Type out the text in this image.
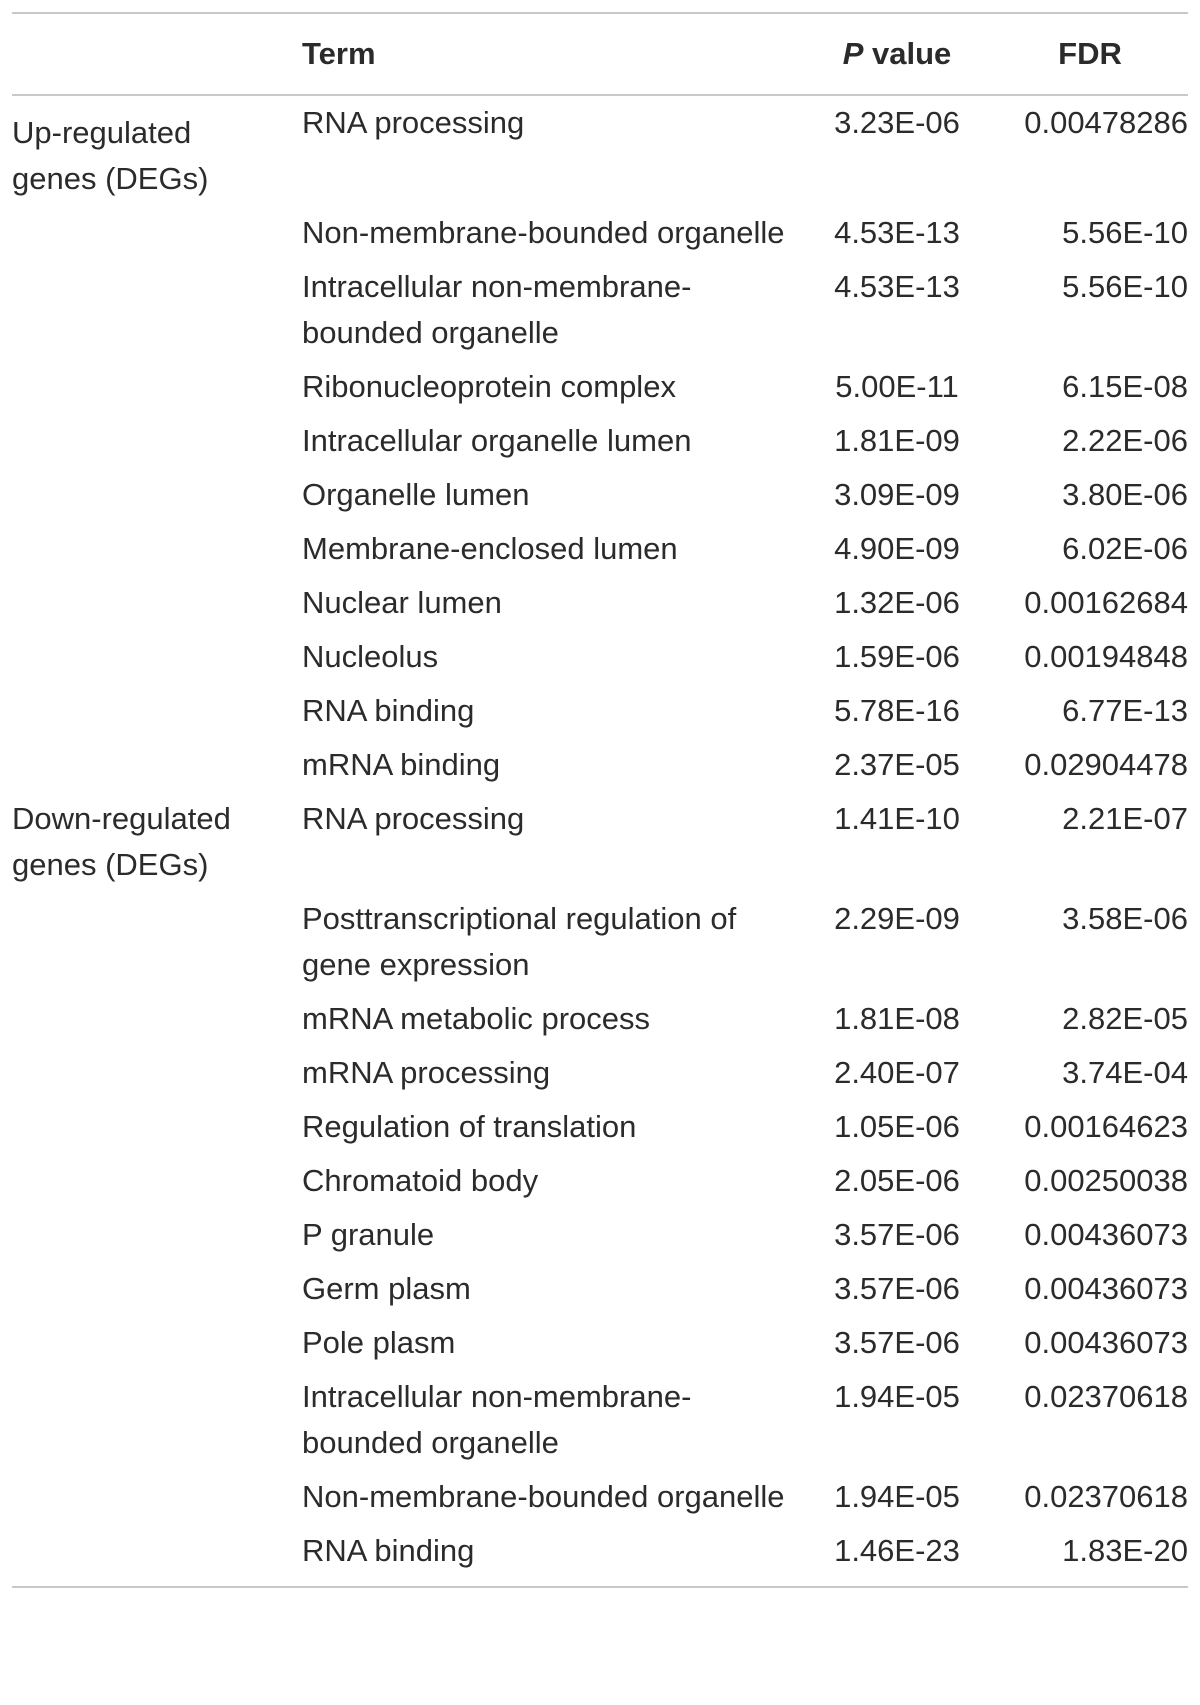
	Term	P value	FDR

Up-regulated genes (DEGs)	RNA processing	3.23E-06	0.00478286
	Non-membrane-bounded organelle	4.53E-13	5.56E-10
	Intracellular non-membrane-bounded organelle	4.53E-13	5.56E-10
	Ribonucleoprotein complex	5.00E-11	6.15E-08
	Intracellular organelle lumen	1.81E-09	2.22E-06
	Organelle lumen	3.09E-09	3.80E-06
	Membrane-enclosed lumen	4.90E-09	6.02E-06
	Nuclear lumen	1.32E-06	0.00162684
	Nucleolus	1.59E-06	0.00194848
	RNA binding	5.78E-16	6.77E-13
	mRNA binding	2.37E-05	0.02904478

Down-regulated genes (DEGs)	RNA processing	1.41E-10	2.21E-07
	Posttranscriptional regulation of gene expression	2.29E-09	3.58E-06
	mRNA metabolic process	1.81E-08	2.82E-05
	mRNA processing	2.40E-07	3.74E-04
	Regulation of translation	1.05E-06	0.00164623
	Chromatoid body	2.05E-06	0.00250038
	P granule	3.57E-06	0.00436073
	Germ plasm	3.57E-06	0.00436073
	Pole plasm	3.57E-06	0.00436073
	Intracellular non-membrane-bounded organelle	1.94E-05	0.02370618
	Non-membrane-bounded organelle	1.94E-05	0.02370618
	RNA binding	1.46E-23	1.83E-20
